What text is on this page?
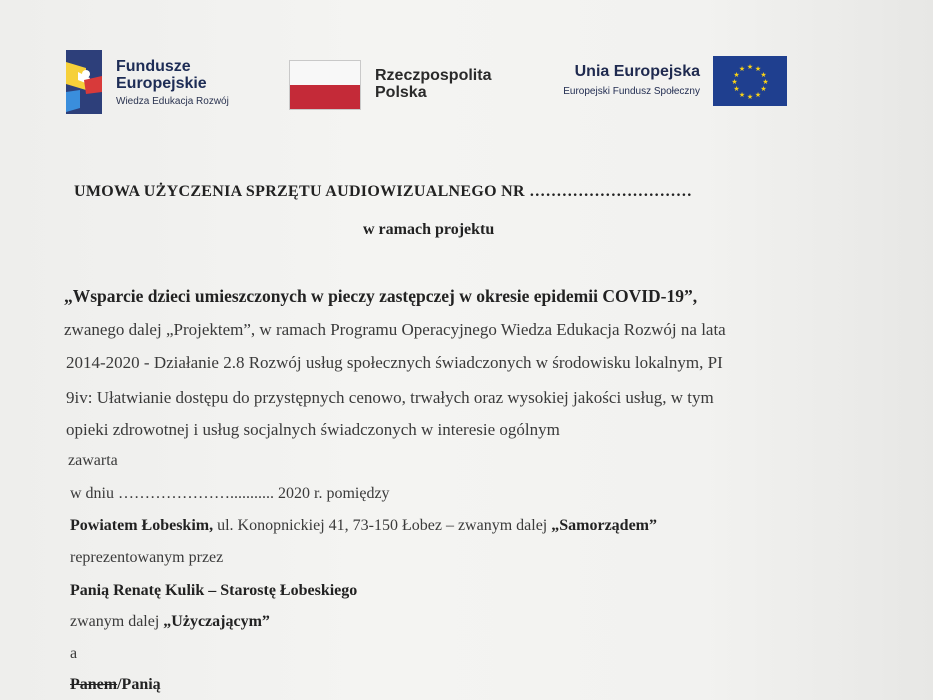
Fundusze
Europejskie
Wiedza Edukacja Rozwój
Rzeczpospolita
Polska
Unia Europejska
Europejski Fundusz Społeczny
★ ★
★
★
★
★
★
★
★
★
★
★
UMOWA UŻYCZENIA SPRZĘTU AUDIOWIZUALNEGO NR …………………………
w ramach projektu
„Wsparcie dzieci umieszczonych w pieczy zastępczej w okresie epidemii COVID-19”,
zwanego dalej „Projektem”, w ramach Programu Operacyjnego Wiedza Edukacja Rozwój na lata
2014-2020 - Działanie 2.8 Rozwój usług społecznych świadczonych w środowisku lokalnym, PI
9iv: Ułatwianie dostępu do przystępnych cenowo, trwałych oraz wysokiej jakości usług, w tym
opieki zdrowotnej i usług socjalnych świadczonych w interesie ogólnym
zawarta
w dniu …………………........... 2020 r. pomiędzy
Powiatem Łobeskim, ul. Konopnickiej 41, 73-150 Łobez – zwanym dalej „Samorządem”
reprezentowanym przez
Panią Renatę Kulik – Starostę Łobeskiego
zwanym dalej „Użyczającym”
a
Panem/Panią
